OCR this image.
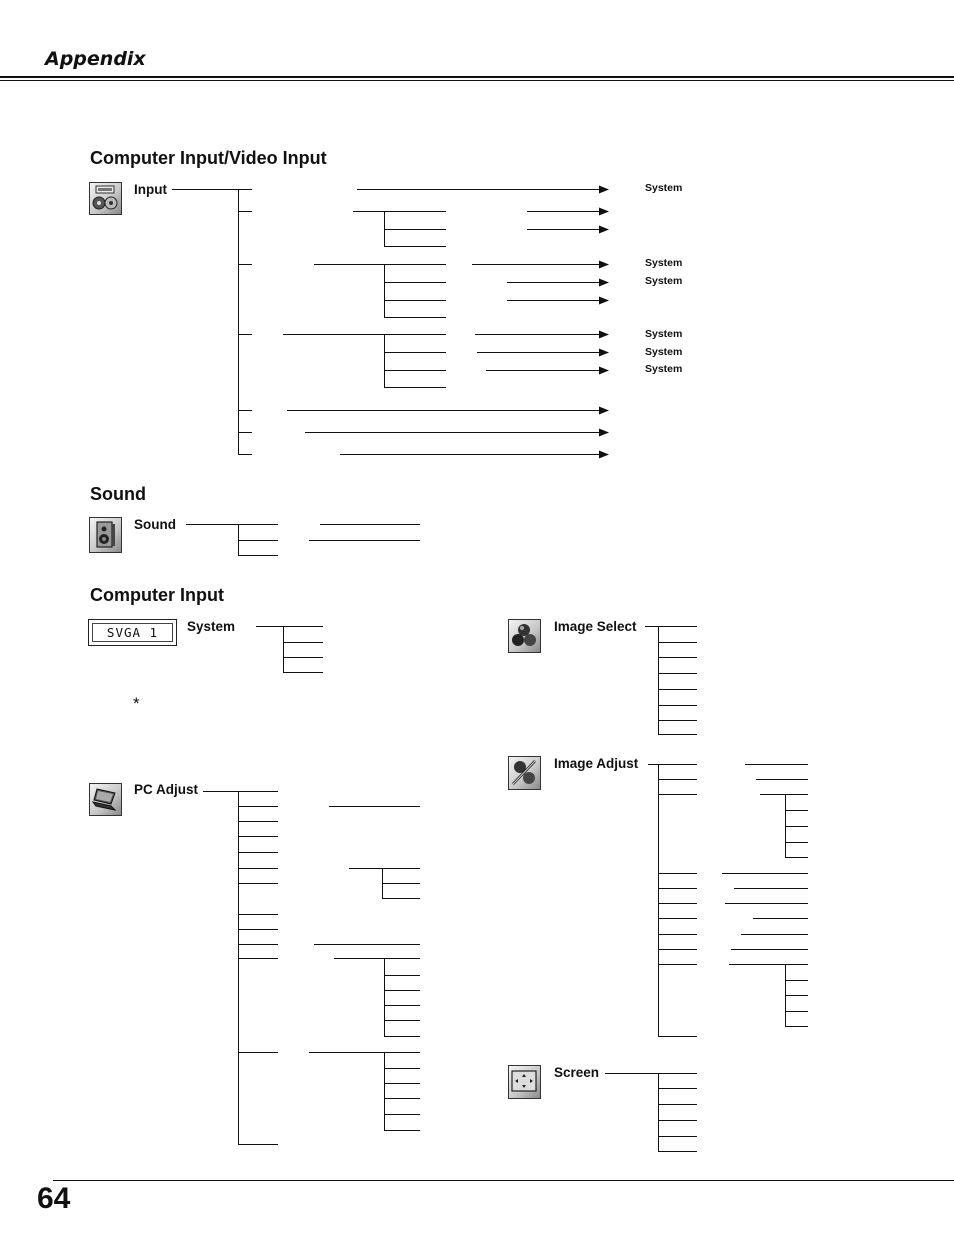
Appendix
Computer Input/Video Input
Sound
Computer Input
SVGA 1
*
Input
Sound
System
PC Adjust
Image Select
Image Adjust
Screen
System
System
System
System
System
System
64
